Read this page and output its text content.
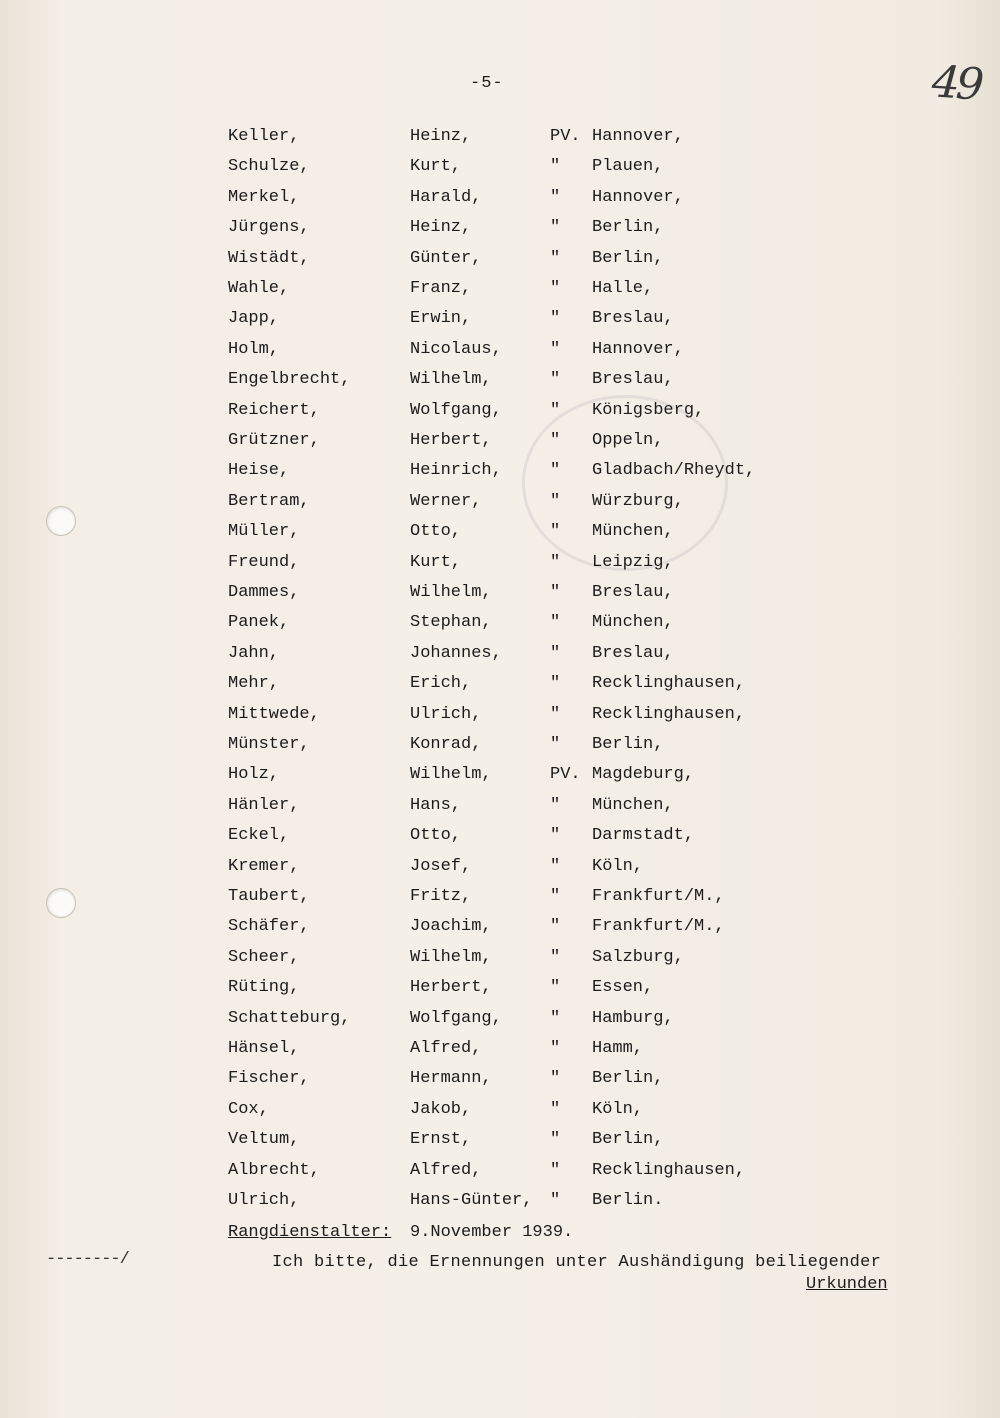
-5-	49
Keller,	Heinz,	PV. Hannover,
Schulze,	Kurt,	" Plauen,
Merkel,	Harald,	" Hannover,
Jürgens,	Heinz,	" Berlin,
Wistädt,	Günter,	" Berlin,
Wahle,	Franz,	" Halle,
Japp,	Erwin,	" Breslau,
Holm,	Nicolaus,	" Hannover,
Engelbrecht,	Wilhelm,	" Breslau,
Reichert,	Wolfgang,	" Königsberg,
Grützner,	Herbert,	" Oppeln,
Heise,	Heinrich,	" Gladbach/Rheydt,
Bertram,	Werner,	" Würzburg,
Müller,	Otto,	" München,
Freund,	Kurt,	" Leipzig,
Dammes,	Wilhelm,	" Breslau,
Panek,	Stephan,	" München,
Jahn,	Johannes,	" Breslau,
Mehr,	Erich,	" Recklinghausen,
Mittwede,	Ulrich,	" Recklinghausen,
Münster,	Konrad,	" Berlin,
Holz,	Wilhelm,	PV. Magdeburg,
Hänler,	Hans,	" München,
Eckel,	Otto,	" Darmstadt,
Kremer,	Josef,	" Köln,
Taubert,	Fritz,	" Frankfurt/M.,
Schäfer,	Joachim,	" Frankfurt/M.,
Scheer,	Wilhelm,	" Salzburg,
Rüting,	Herbert,	" Essen,
Schatteburg,	Wolfgang,	" Hamburg,
Hänsel,	Alfred,	" Hamm,
Fischer,	Hermann,	" Berlin,
Cox,	Jakob,	" Köln,
Veltum,	Ernst,	" Berlin,
Albrecht,	Alfred,	" Recklinghausen,
Ulrich,	Hans-Günter, " Berlin.
Rangdienstalter: 9.November 1939.
--------/	Ich bitte, die Ernennungen unter Aushändigung beiliegender
Urkunden
